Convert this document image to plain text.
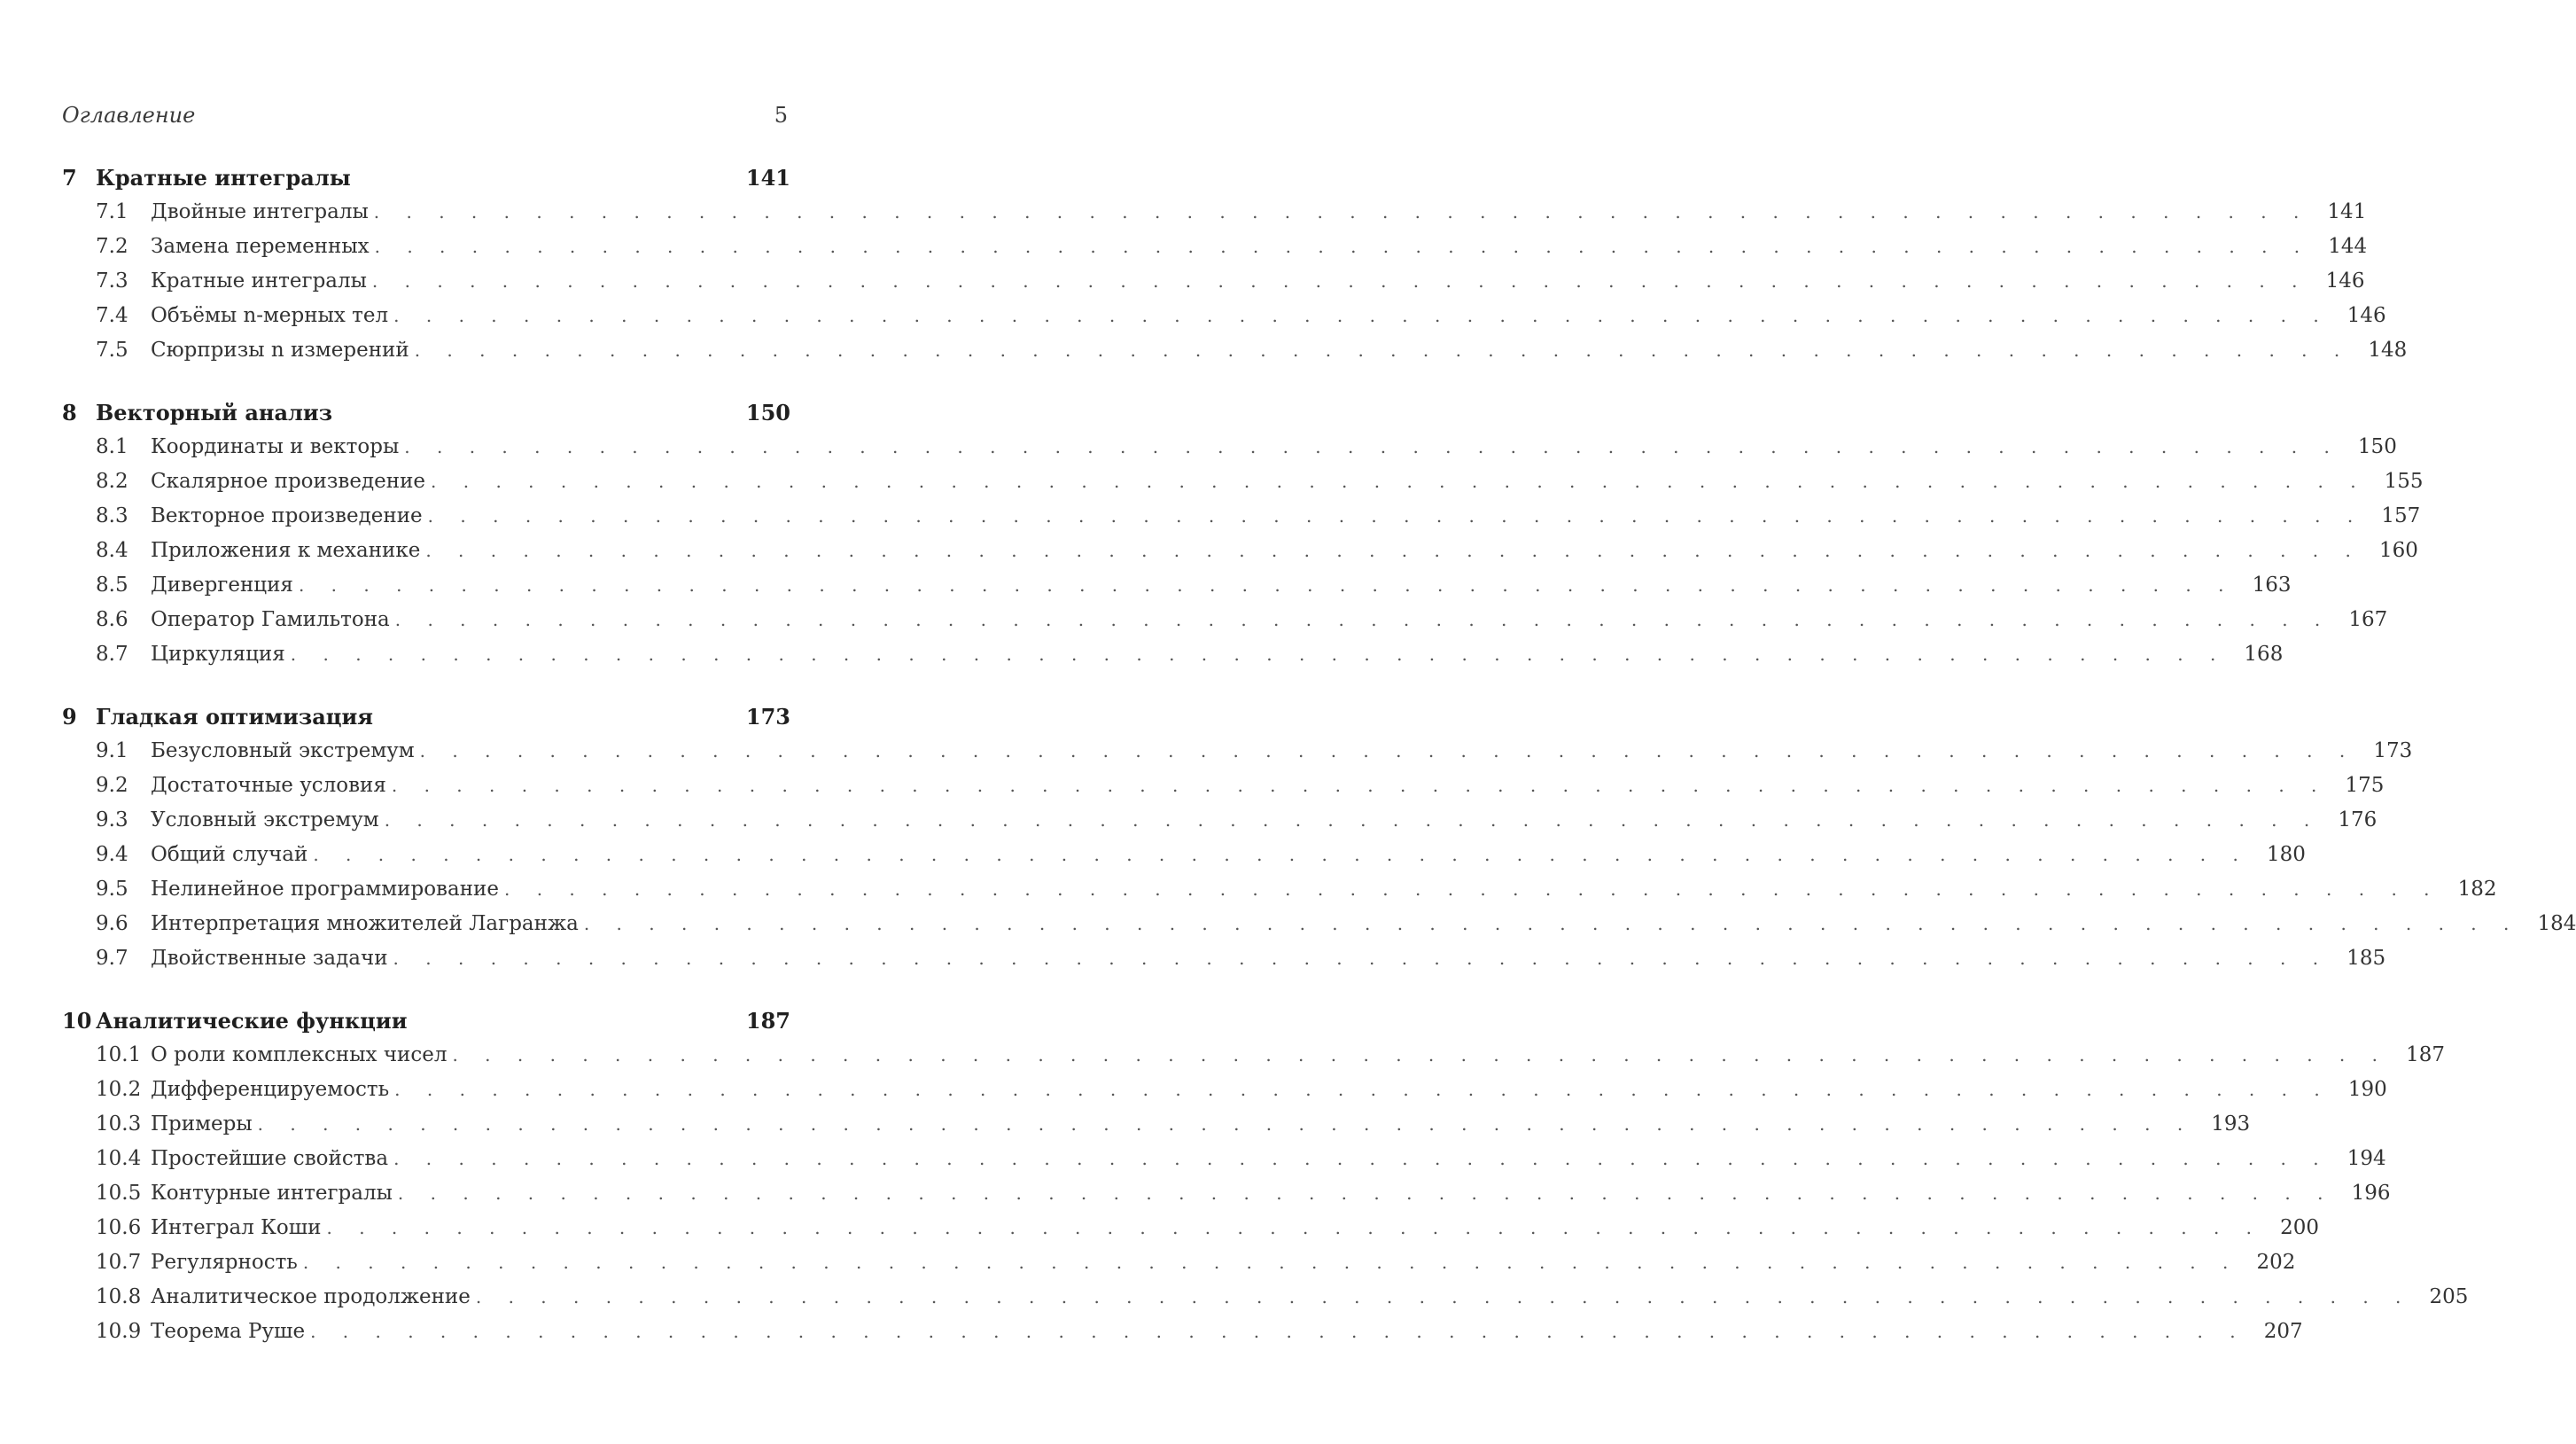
Оглавление	5
7 Кратные интегралы	141
7.1	Двойные интегралы . . . . . . . . . . . . . . . . . . . . . . . . . . . . . . . . . . . . . . . . . . . . . . . . . . . . . . . . . . . . 141
7.2	Замена переменных . . . . . . . . . . . . . . . . . . . . . . . . . . . . . . . . . . . . . . . . . . . . . . . . . . . . . . . . . . . . 144
7.3	Кратные интегралы . . . . . . . . . . . . . . . . . . . . . . . . . . . . . . . . . . . . . . . . . . . . . . . . . . . . . . . . . . . . 146
7.4	Объёмы n-мерных тел . . . . . . . . . . . . . . . . . . . . . . . . . . . . . . . . . . . . . . . . . . . . . . . . . . . . . . . . . . . . 146
7.5	Сюрпризы n измерений . . . . . . . . . . . . . . . . . . . . . . . . . . . . . . . . . . . . . . . . . . . . . . . . . . . . . . . . . . . . 148
8 Векторный анализ	150
8.1	Координаты и векторы . . . . . . . . . . . . . . . . . . . . . . . . . . . . . . . . . . . . . . . . . . . . . . . . . . . . . . . . . . . . 150
8.2	Скалярное произведение . . . . . . . . . . . . . . . . . . . . . . . . . . . . . . . . . . . . . . . . . . . . . . . . . . . . . . . . . . . . 155
8.3	Векторное произведение . . . . . . . . . . . . . . . . . . . . . . . . . . . . . . . . . . . . . . . . . . . . . . . . . . . . . . . . . . . . 157
8.4	Приложения к механике . . . . . . . . . . . . . . . . . . . . . . . . . . . . . . . . . . . . . . . . . . . . . . . . . . . . . . . . . . . . 160
8.5	Дивергенция . . . . . . . . . . . . . . . . . . . . . . . . . . . . . . . . . . . . . . . . . . . . . . . . . . . . . . . . . . . . 163
8.6	Оператор Гамильтона . . . . . . . . . . . . . . . . . . . . . . . . . . . . . . . . . . . . . . . . . . . . . . . . . . . . . . . . . . . . 167
8.7	Циркуляция . . . . . . . . . . . . . . . . . . . . . . . . . . . . . . . . . . . . . . . . . . . . . . . . . . . . . . . . . . . . 168
9 Гладкая оптимизация	173
9.1	Безусловный экстремум . . . . . . . . . . . . . . . . . . . . . . . . . . . . . . . . . . . . . . . . . . . . . . . . . . . . . . . . . . . . 173
9.2	Достаточные условия . . . . . . . . . . . . . . . . . . . . . . . . . . . . . . . . . . . . . . . . . . . . . . . . . . . . . . . . . . . . 175
9.3	Условный экстремум . . . . . . . . . . . . . . . . . . . . . . . . . . . . . . . . . . . . . . . . . . . . . . . . . . . . . . . . . . . . 176
9.4	Общий случай . . . . . . . . . . . . . . . . . . . . . . . . . . . . . . . . . . . . . . . . . . . . . . . . . . . . . . . . . . . . 180
9.5	Нелинейное программирование . . . . . . . . . . . . . . . . . . . . . . . . . . . . . . . . . . . . . . . . . . . . . . . . . . . . . . . . . . . . 182
9.6	Интерпретация множителей Лагранжа . . . . . . . . . . . . . . . . . . . . . . . . . . . . . . . . . . . . . . . . . . . . . . . . . . . . . . . . . . . . 184
9.7	Двойственные задачи . . . . . . . . . . . . . . . . . . . . . . . . . . . . . . . . . . . . . . . . . . . . . . . . . . . . . . . . . . . . 185
10 Аналитические функции	187
10.1 О роли комплексных чисел . . . . . . . . . . . . . . . . . . . . . . . . . . . . . . . . . . . . . . . . . . . . . . . . . . . . . . . . . . . . 187
10.2 Дифференцируемость . . . . . . . . . . . . . . . . . . . . . . . . . . . . . . . . . . . . . . . . . . . . . . . . . . . . . . . . . . . . 190
10.3 Примеры . . . . . . . . . . . . . . . . . . . . . . . . . . . . . . . . . . . . . . . . . . . . . . . . . . . . . . . . . . . . 193
10.4 Простейшие свойства . . . . . . . . . . . . . . . . . . . . . . . . . . . . . . . . . . . . . . . . . . . . . . . . . . . . . . . . . . . . 194
10.5 Контурные интегралы . . . . . . . . . . . . . . . . . . . . . . . . . . . . . . . . . . . . . . . . . . . . . . . . . . . . . . . . . . . . 196
10.6 Интеграл Коши . . . . . . . . . . . . . . . . . . . . . . . . . . . . . . . . . . . . . . . . . . . . . . . . . . . . . . . . . . . . 200
10.7 Регулярность . . . . . . . . . . . . . . . . . . . . . . . . . . . . . . . . . . . . . . . . . . . . . . . . . . . . . . . . . . . . 202
10.8 Аналитическое продолжение . . . . . . . . . . . . . . . . . . . . . . . . . . . . . . . . . . . . . . . . . . . . . . . . . . . . . . . . . . . . 205
10.9 Теорема Руше . . . . . . . . . . . . . . . . . . . . . . . . . . . . . . . . . . . . . . . . . . . . . . . . . . . . . . . . . . . . 207
